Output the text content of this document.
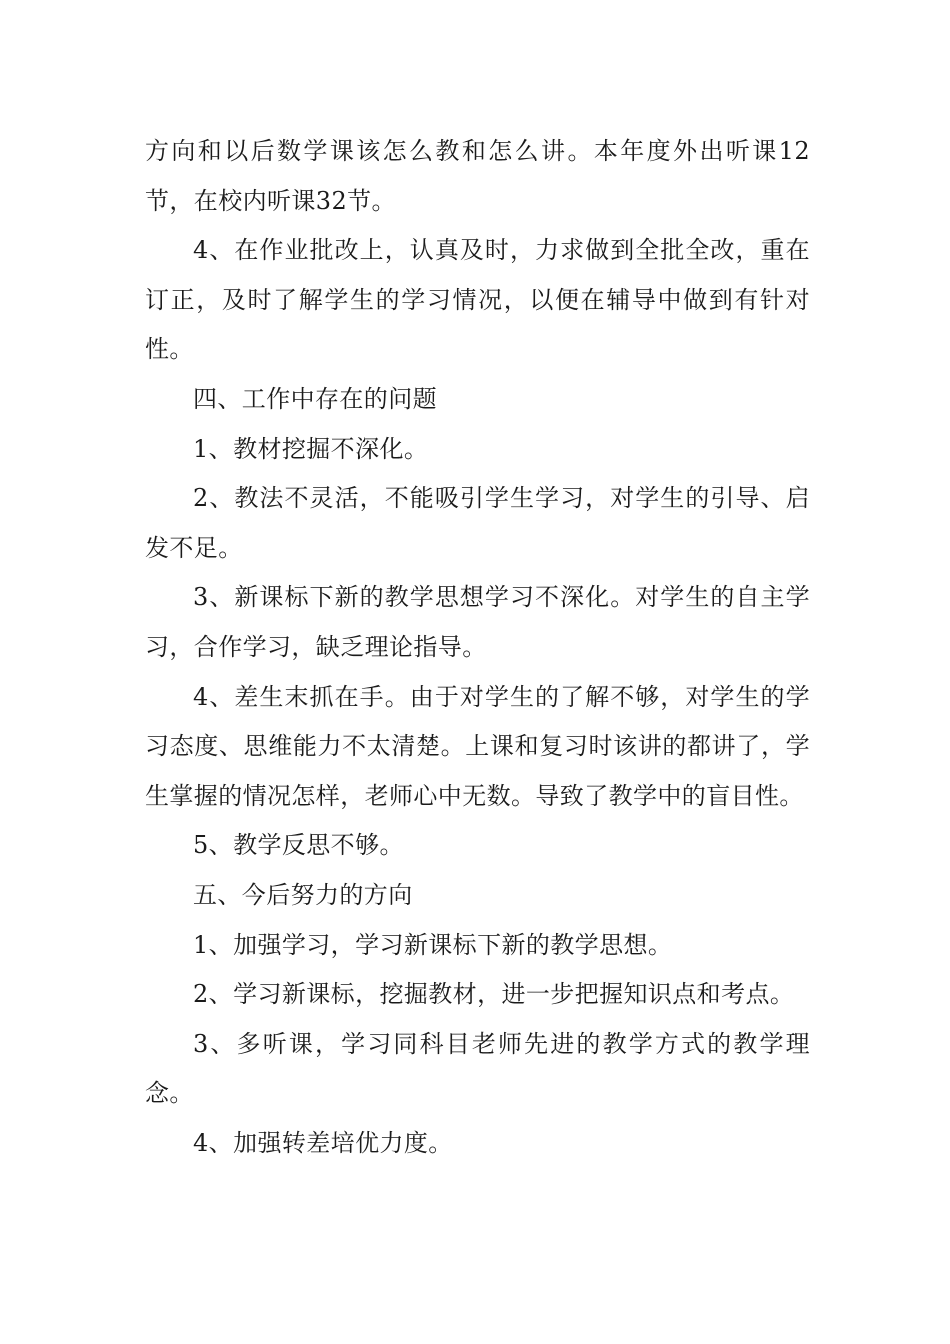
方向和以后数学课该怎么教和怎么讲。本年度外出听课12节，在校内听课32节。

4、在作业批改上，认真及时，力求做到全批全改，重在订正，及时了解学生的学习情况，以便在辅导中做到有针对性。

四、工作中存在的问题

1、教材挖掘不深化。

2、教法不灵活，不能吸引学生学习，对学生的引导、启发不足。

3、新课标下新的教学思想学习不深化。对学生的自主学习，合作学习，缺乏理论指导。

4、差生末抓在手。由于对学生的了解不够，对学生的学习态度、思维能力不太清楚。上课和复习时该讲的都讲了，学生掌握的情况怎样，老师心中无数。导致了教学中的盲目性。

5、教学反思不够。

五、今后努力的方向

1、加强学习，学习新课标下新的教学思想。

2、学习新课标，挖掘教材，进一步把握知识点和考点。

3、多听课，学习同科目老师先进的教学方式的教学理念。

4、加强转差培优力度。
